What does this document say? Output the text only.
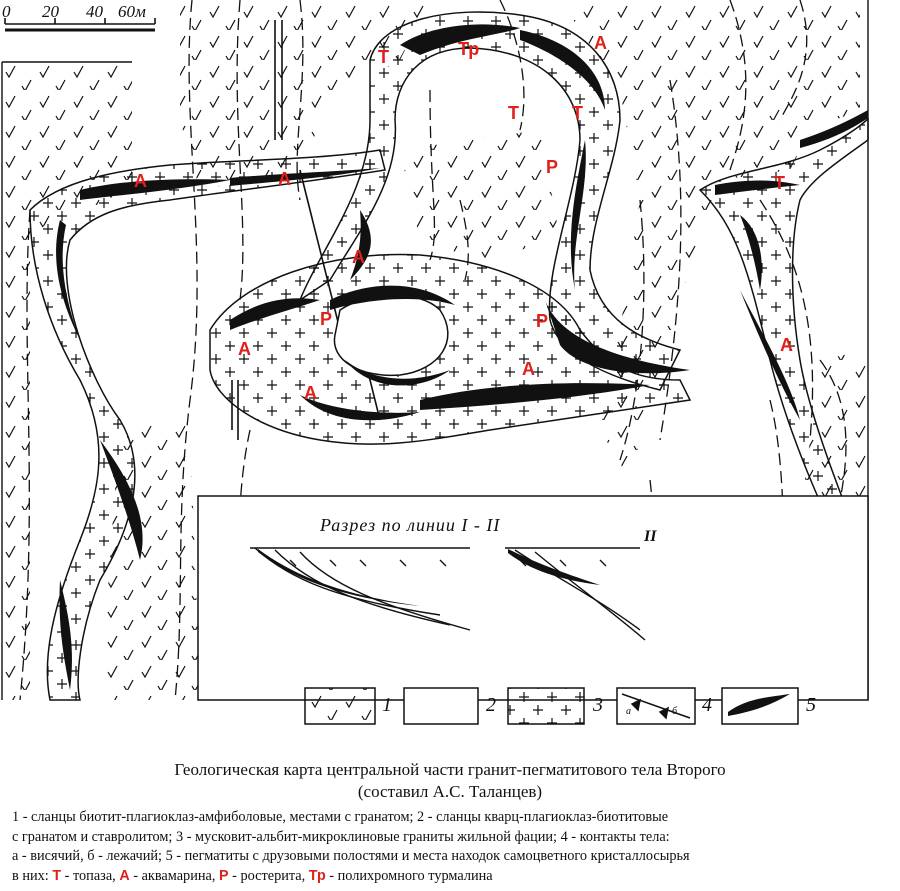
0 20 40 60м
Т	Тр	А
Т	Т
Р
А	А	Т
А
Р	Р
А	А
А
А
Разрез по линии I - II
II
1	2	3	4	5
а	б
Геологическая карта центральной части гранит-пегматитового тела Второго
(составил А.С. Таланцев)
1 - сланцы биотит-плагиоклаз-амфиболовые, местами с гранатом; 2 - сланцы кварц-плагиоклаз-биотитовые
с гранатом и ставролитом; 3 - мусковит-альбит-микроклиновые граниты жильной фации; 4 - контакты тела:
а - висячий, б - лежачий; 5 - пегматиты с друзовыми полостями и места находок самоцветного кристаллосырья
в них: Т - топаза, А - аквамарина, Р - ростерита, Тр - полихромного турмалина
